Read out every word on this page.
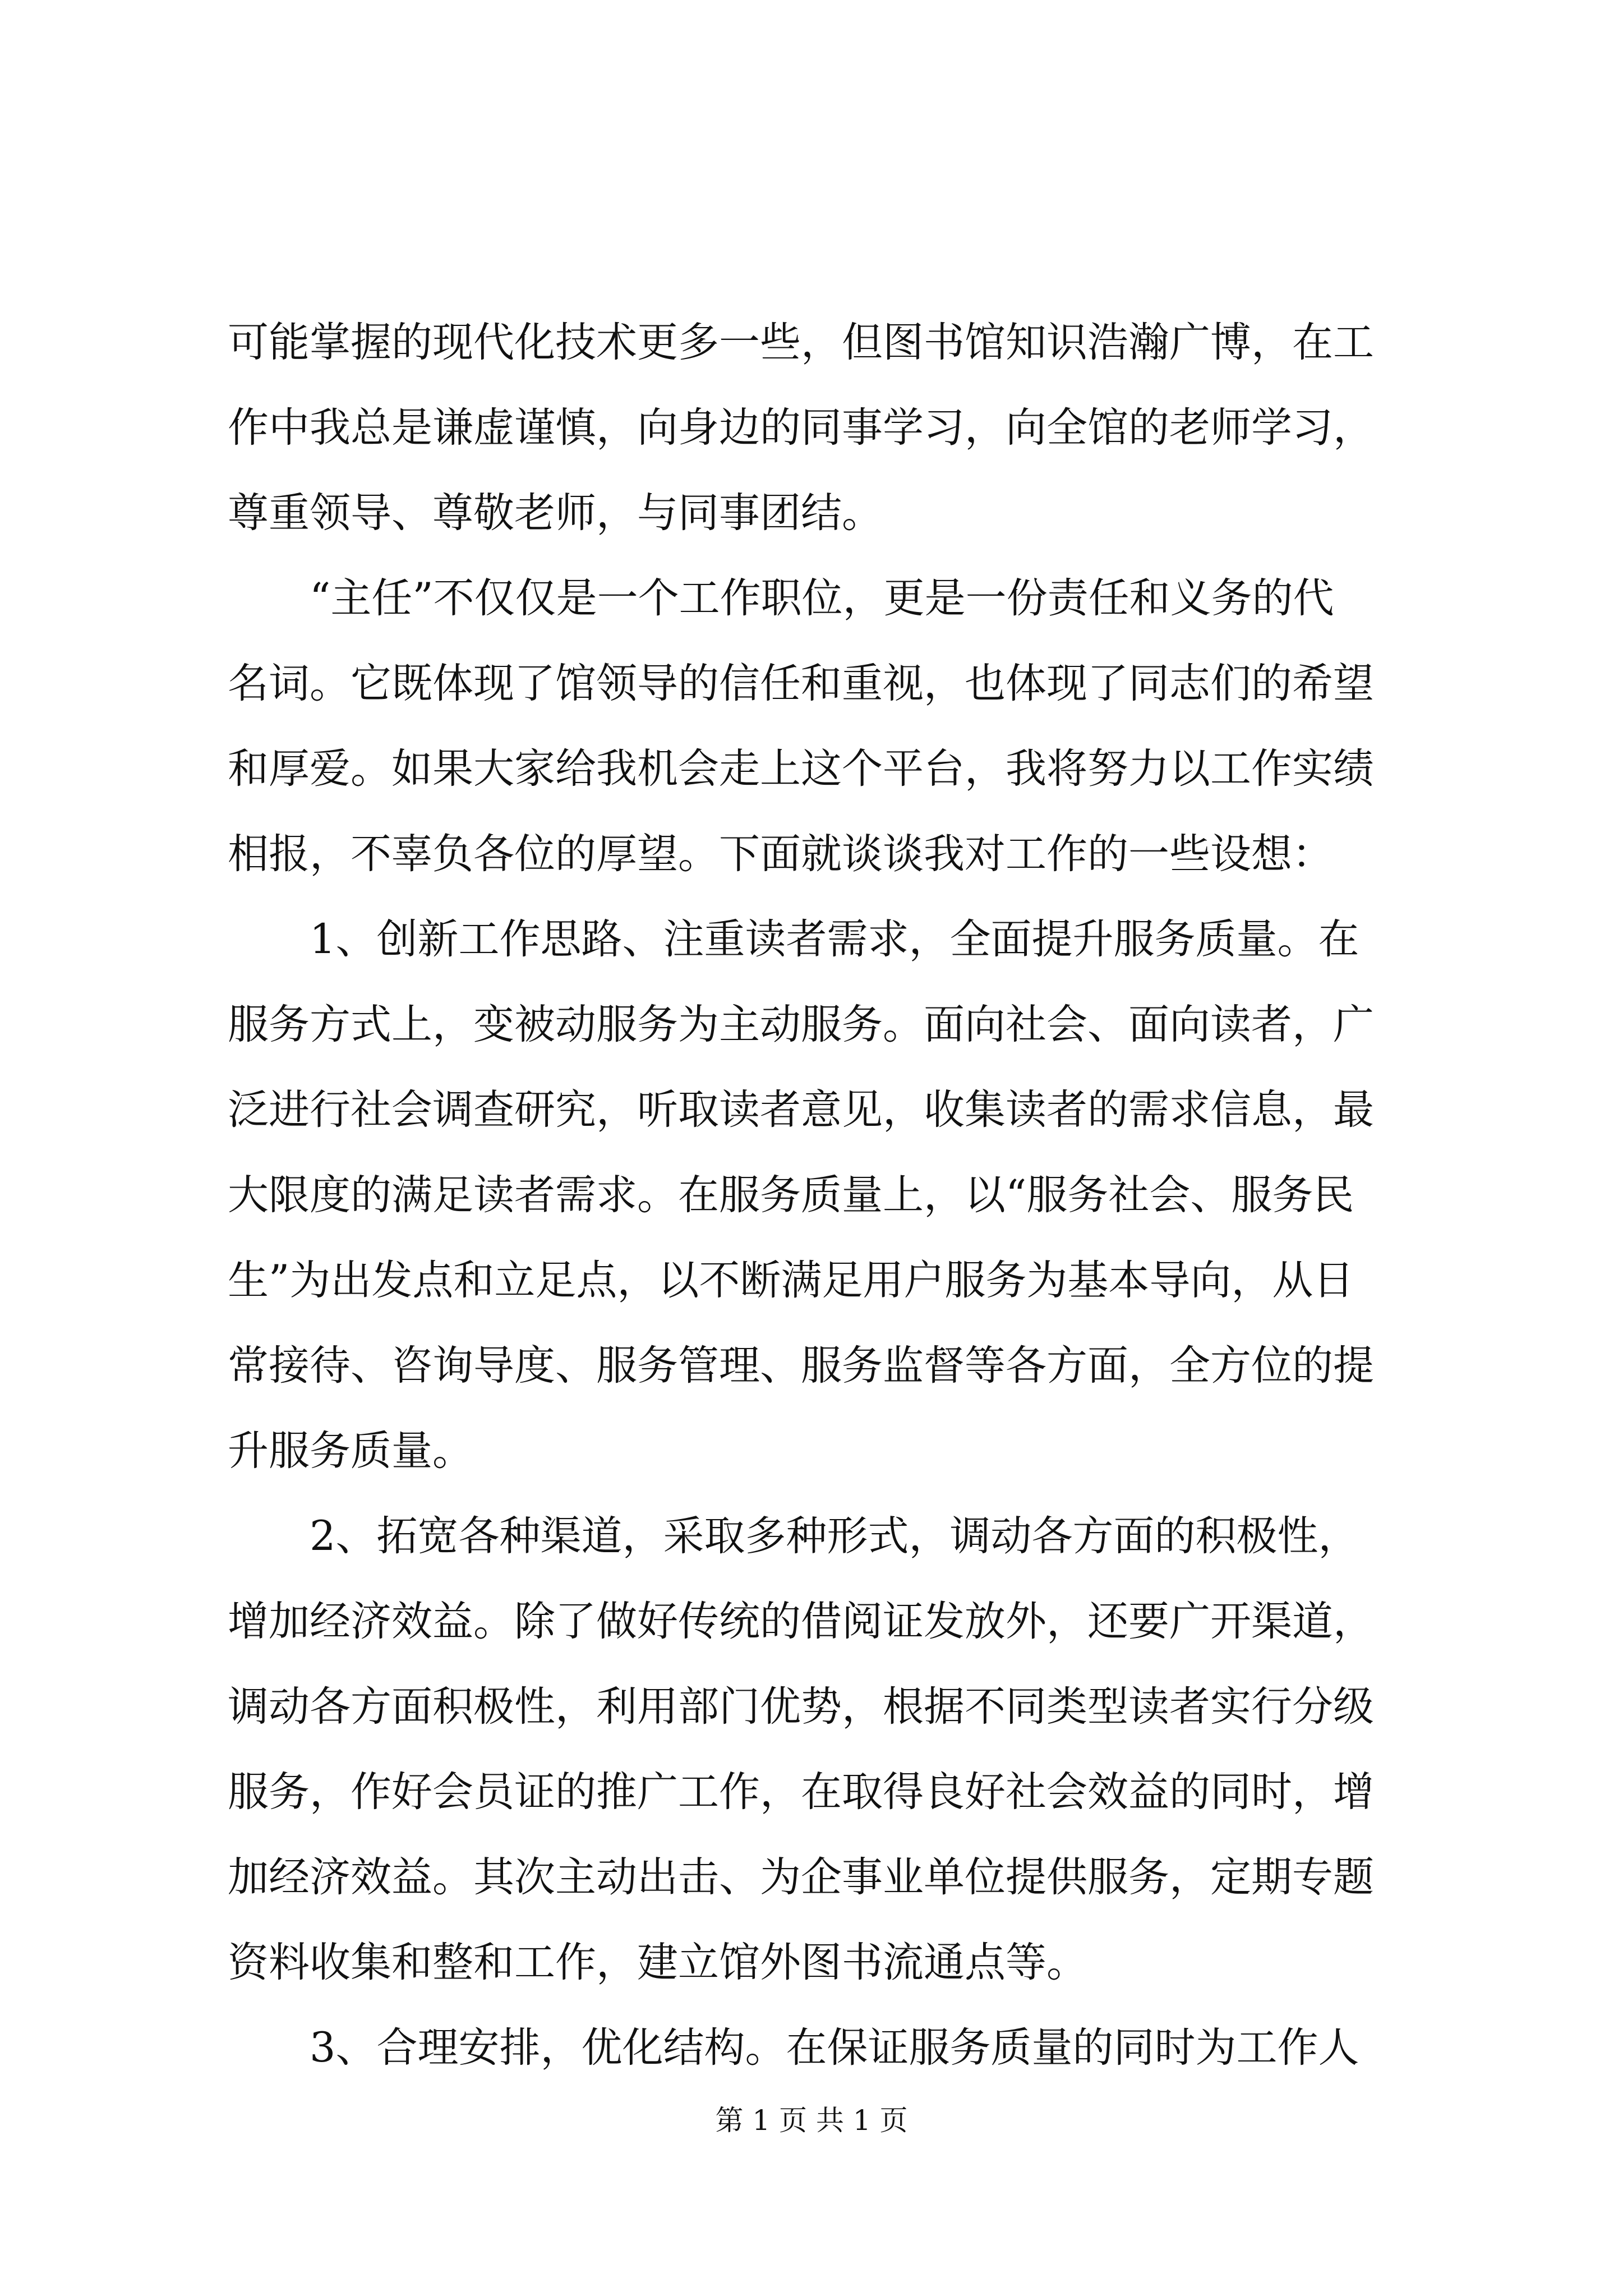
可能掌握的现代化技术更多一些，但图书馆知识浩瀚广博，在工
作中我总是谦虚谨慎，向身边的同事学习，向全馆的老师学习，
尊重领导、尊敬老师，与同事团结。
“主任”不仅仅是一个工作职位，更是一份责任和义务的代
名词。它既体现了馆领导的信任和重视，也体现了同志们的希望
和厚爱。如果大家给我机会走上这个平台，我将努力以工作实绩
相报，不辜负各位的厚望。下面就谈谈我对工作的一些设想：
1、创新工作思路、注重读者需求，全面提升服务质量。在
服务方式上，变被动服务为主动服务。面向社会、面向读者，广
泛进行社会调查研究，听取读者意见，收集读者的需求信息，最
大限度的满足读者需求。在服务质量上，以“服务社会、服务民
生”为出发点和立足点，以不断满足用户服务为基本导向，从日
常接待、咨询导度、服务管理、服务监督等各方面，全方位的提
升服务质量。
2、拓宽各种渠道，采取多种形式，调动各方面的积极性，
增加经济效益。除了做好传统的借阅证发放外，还要广开渠道，
调动各方面积极性，利用部门优势，根据不同类型读者实行分级
服务，作好会员证的推广工作，在取得良好社会效益的同时，增
加经济效益。其次主动出击、为企事业单位提供服务，定期专题
资料收集和整和工作，建立馆外图书流通点等。
3、合理安排，优化结构。在保证服务质量的同时为工作人
第 1 页 共 1 页
